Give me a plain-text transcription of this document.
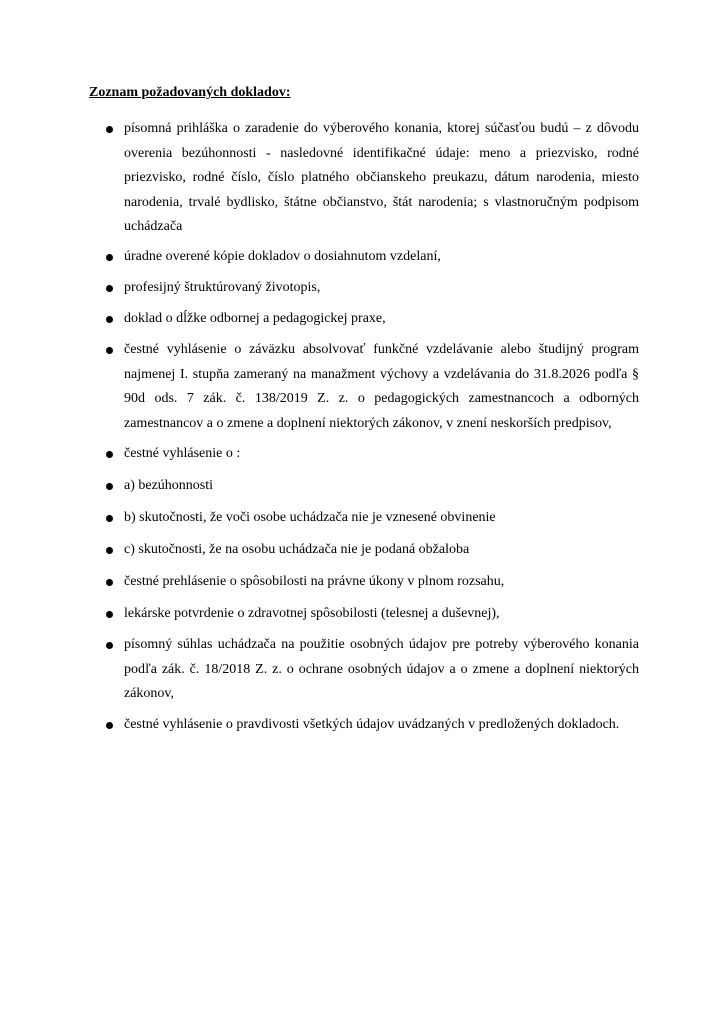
Zoznam požadovaných dokladov:
písomná prihláška o zaradenie do výberového konania, ktorej súčasťou budú – z dôvodu overenia bezúhonnosti - nasledovné identifikačné údaje: meno a priezvisko, rodné priezvisko, rodné číslo, číslo platného občianskeho preukazu, dátum narodenia, miesto narodenia, trvalé bydlisko, štátne občianstvo, štát narodenia; s vlastnoručným podpisom uchádzača
úradne overené kópie dokladov o dosiahnutom vzdelaní,
profesijný štruktúrovaný životopis,
doklad o dĺžke odbornej a pedagogickej praxe,
čestné vyhlásenie o záväzku absolvovať funkčné vzdelávanie alebo študijný program najmenej I. stupňa zameraný na manažment výchovy a vzdelávania do 31.8.2026 podľa § 90d ods. 7 zák. č. 138/2019 Z. z. o pedagogických zamestnancoch a odborných zamestnancov a o zmene a doplnení niektorých zákonov, v znení neskorších predpisov,
čestné vyhlásenie o :
a) bezúhonnosti
b) skutočnosti, že voči osobe uchádzača nie je vznesené obvinenie
c) skutočnosti, že na osobu uchádzača nie je podaná obžaloba
čestné prehlásenie o spôsobilosti na právne úkony v plnom rozsahu,
lekárske potvrdenie o zdravotnej spôsobilosti (telesnej a duševnej),
písomný súhlas uchádzača na použitie osobných údajov pre potreby výberového konania podľa zák. č. 18/2018 Z. z. o ochrane osobných údajov a o zmene a doplnení niektorých zákonov,
čestné vyhlásenie o pravdivosti všetkých údajov uvádzaných v predložených dokladoch.
